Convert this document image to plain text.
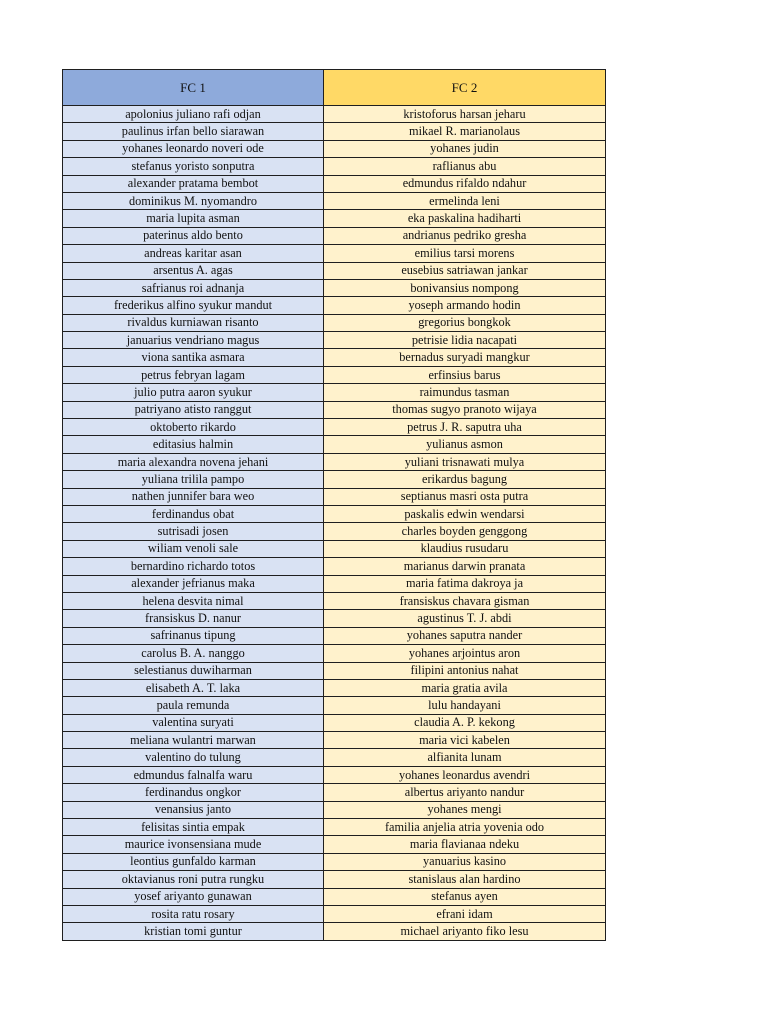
FC 1	FC 2
apolonius juliano rafi odjan	kristoforus harsan jeharu
paulinus irfan bello siarawan	mikael R. marianolaus
yohanes leonardo noveri ode	yohanes judin
stefanus yoristo sonputra	raflianus abu
alexander pratama bembot	edmundus rifaldo ndahur
dominikus M. nyomandro	ermelinda leni
maria lupita asman	eka paskalina hadiharti
paterinus aldo bento	andrianus pedriko gresha
andreas karitar asan	emilius tarsi morens
arsentus A. agas	eusebius satriawan jankar
safrianus roi adnanja	bonivansius nompong
frederikus alfino syukur mandut	yoseph armando hodin
rivaldus kurniawan risanto	gregorius bongkok
januarius vendriano magus	petrisie lidia nacapati
viona santika asmara	bernadus suryadi mangkur
petrus febryan lagam	erfinsius barus
julio putra aaron syukur	raimundus tasman
patriyano atisto ranggut	thomas sugyo pranoto wijaya
oktoberto rikardo	petrus J. R. saputra uha
editasius halmin	yulianus asmon
maria alexandra novena jehani	yuliani trisnawati mulya
yuliana trilila pampo	erikardus bagung
nathen junnifer bara weo	septianus masri osta putra
ferdinandus obat	paskalis edwin wendarsi
sutrisadi josen	charles boyden genggong
wiliam venoli sale	klaudius rusudaru
bernardino richardo totos	marianus darwin pranata
alexander jefrianus maka	maria fatima dakroya ja
helena desvita nimal	fransiskus chavara gisman
fransiskus D. nanur	agustinus T. J. abdi
safrinanus tipung	yohanes saputra nander
carolus B. A. nanggo	yohanes arjointus aron
selestianus duwiharman	filipini antonius nahat
elisabeth A. T. laka	maria gratia avila
paula remunda	lulu handayani
valentina suryati	claudia A. P. kekong
meliana wulantri marwan	maria vici kabelen
valentino do tulung	alfianita lunam
edmundus falnalfa waru	yohanes leonardus avendri
ferdinandus ongkor	albertus ariyanto nandur
venansius janto	yohanes mengi
felisitas sintia empak	familia anjelia atria yovenia odo
maurice ivonsensiana mude	maria flavianaa ndeku
leontius gunfaldo karman	yanuarius kasino
oktavianus roni putra rungku	stanislaus alan hardino
yosef ariyanto gunawan	stefanus ayen
rosita ratu rosary	efrani idam
kristian tomi guntur	michael ariyanto fiko lesu
